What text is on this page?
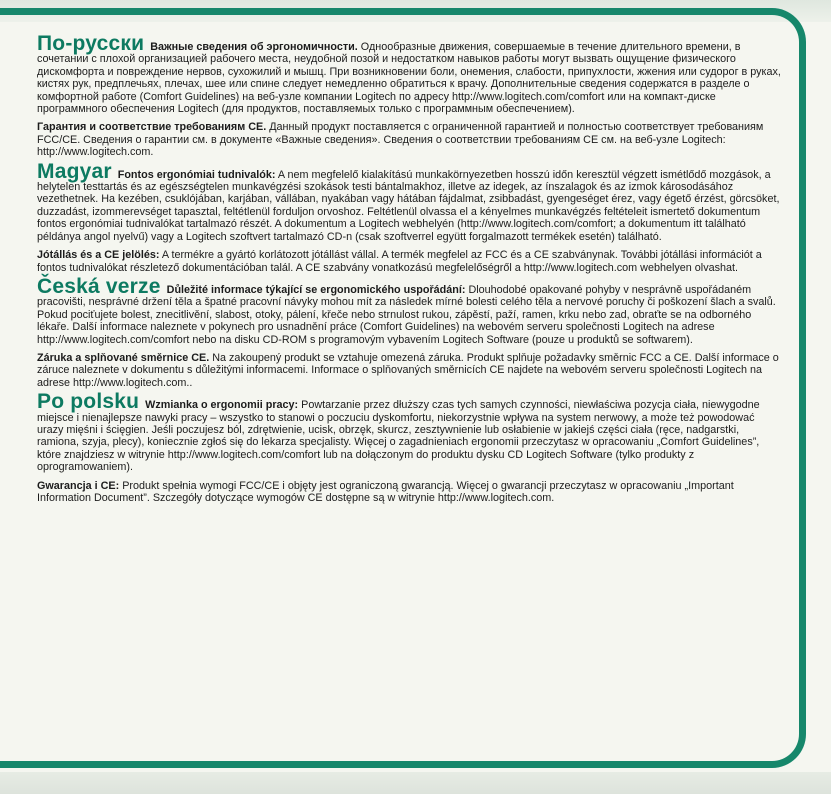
По-русски Важные сведения об эргономичности. Однообразные движения, совершаемые в течение длительного времени, в сочетании с плохой организацией рабочего места, неудобной позой и недостатком навыков работы могут вызвать ощущение физического дискомфорта и повреждение нервов, сухожилий и мышц. При возникновении боли, онемения, слабости, припухлости, жжения или судорог в руках, кистях рук, предплечьях, плечах, шее или спине следует немедленно обратиться к врачу. Дополнительные сведения содержатся в разделе о комфортной работе (Comfort Guidelines) на веб-узле компании Logitech по адресу http://www.logitech.com/comfort или на компакт-диске программного обеспечения Logitech (для продуктов, поставляемых только с программным обеспечением).

Гарантия и соответствие требованиям CE. Данный продукт поставляется с ограниченной гарантией и полностью соответствует требованиям FCC/CE. Сведения о гарантии см. в документе «Важные сведения». Сведения о соответствии требованиям CE см. на веб-узле Logitech: http://www.logitech.com.

Magyar Fontos ergonómiai tudnivalók: A nem megfelelő kialakítású munkakörnyezetben hosszú időn keresztül végzett ismétlődő mozgások, a helytelen testtartás és az egészségtelen munkavégzési szokások testi bántalmakhoz, illetve az idegek, az ínszalagok és az izmok károsodásához vezethetnek. Ha kezében, csuklójában, karjában, vállában, nyakában vagy hátában fájdalmat, zsibbadást, gyengeséget érez, vagy égető érzést, görcsöket, duzzadást, izommerevséget tapasztal, feltétlenül forduljon orvoshoz. Feltétlenül olvassa el a kényelmes munkavégzés feltételeit ismertető dokumentum fontos ergonómiai tudnivalókat tartalmazó részét. A dokumentum a Logitech webhelyén (http://www.logitech.com/comfort; a dokumentum itt található példánya angol nyelvű) vagy a Logitech szoftvert tartalmazó CD-n (csak szoftverrel együtt forgalmazott termékek esetén) található.

Jótállás és a CE jelölés: A termékre a gyártó korlátozott jótállást vállal. A termék megfelel az FCC és a CE szabványnak. További jótállási információt a fontos tudnivalókat részletező dokumentációban talál. A CE szabvány vonatkozású megfelelőségről a http://www.logitech.com webhelyen olvashat.

Česká verze Důležité informace týkající se ergonomického uspořádání: Dlouhodobé opakované pohyby v nesprávně uspořádaném pracovišti, nesprávné držení těla a špatné pracovní návyky mohou mít za následek mírné bolesti celého těla a nervové poruchy či poškození šlach a svalů. Pokud pociťujete bolest, znecitlivění, slabost, otoky, pálení, křeče nebo strnulost rukou, zápěstí, paží, ramen, krku nebo zad, obraťte se na odborného lékaře. Další informace naleznete v pokynech pro usnadnění práce (Comfort Guidelines) na webovém serveru společnosti Logitech na adrese http://www.logitech.com/comfort nebo na disku CD-ROM s programovým vybavením Logitech Software (pouze u produktů se softwarem).

Záruka a splňované směrnice CE. Na zakoupený produkt se vztahuje omezená záruka. Produkt splňuje požadavky směrnic FCC a CE. Další informace o záruce naleznete v dokumentu s důležitými informacemi. Informace o splňovaných směrnicích CE najdete na webovém serveru společnosti Logitech na adrese http://www.logitech.com..

Po polsku Wzmianka o ergonomii pracy: Powtarzanie przez dłuższy czas tych samych czynności, niewłaściwa pozycja ciała, niewygodne miejsce i nienajlepsze nawyki pracy – wszystko to stanowi o poczuciu dyskomfortu, niekorzystnie wpływa na system nerwowy, a może też powodować urazy mięśni i ścięgien. Jeśli poczujesz ból, zdrętwienie, ucisk, obrzęk, skurcz, zesztywnienie lub osłabienie w jakiejś części ciała (ręce, nadgarstki, ramiona, szyja, plecy), koniecznie zgłoś się do lekarza specjalisty. Więcej o zagadnieniach ergonomii przeczytasz w opracowaniu „Comfort Guidelines”, które znajdziesz w witrynie http://www.logitech.com/comfort lub na dołączonym do produktu dysku CD Logitech Software (tylko produkty z oprogramowaniem).

Gwarancja i CE: Produkt spełnia wymogi FCC/CE i objęty jest ograniczoną gwarancją. Więcej o gwarancji przeczytasz w opracowaniu „Important Information Document”. Szczegóły dotyczące wymogów CE dostępne są w witrynie http://www.logitech.com.
